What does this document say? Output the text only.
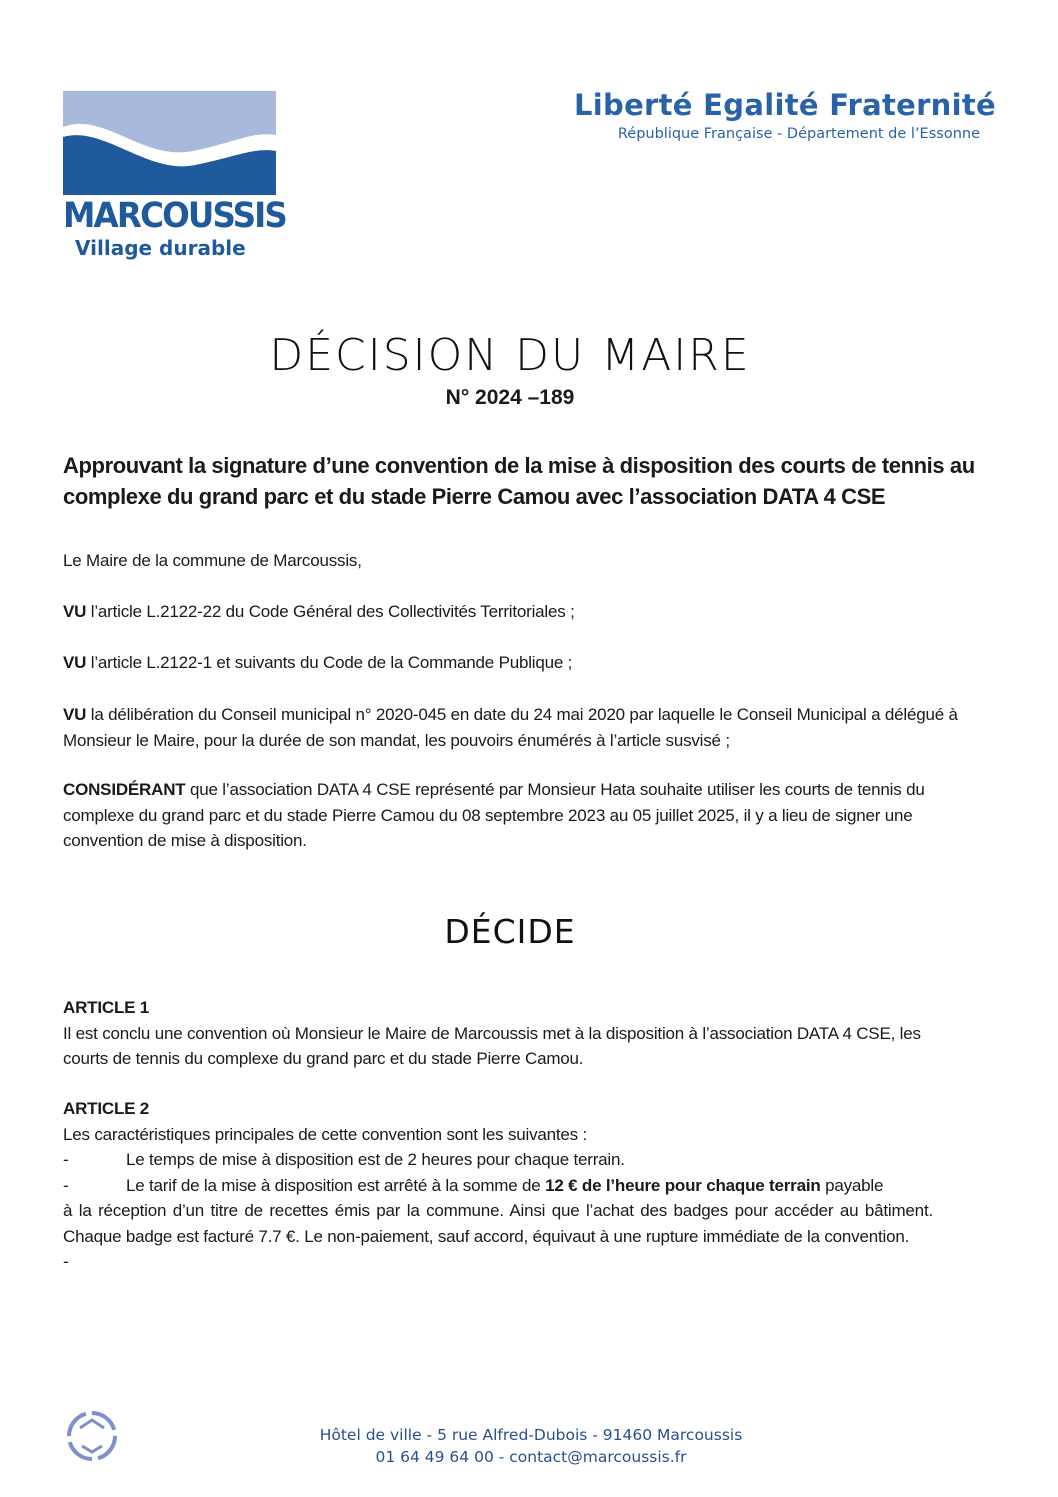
MARCOUSSIS
Village durable
Liberté Egalité Fraternité
République Française - Département de l’Essonne
DÉCISION DU MAIRE
N° 2024 –189
Approuvant la signature d’une convention de la mise à disposition des courts de tennis au complexe du grand parc et du stade Pierre Camou avec l’association DATA 4 CSE
Le Maire de la commune de Marcoussis,
VU l’article L.2122-22 du Code Général des Collectivités Territoriales ;
VU l’article L.2122-1 et suivants du Code de la Commande Publique ;
VU la délibération du Conseil municipal n° 2020-045 en date du 24 mai 2020 par laquelle le Conseil Municipal a délégué à Monsieur le Maire, pour la durée de son mandat, les pouvoirs énumérés à l’article susvisé ;
CONSIDÉRANT que l’association DATA 4 CSE représenté par Monsieur Hata souhaite utiliser les courts de tennis du complexe du grand parc et du stade Pierre Camou du 08 septembre 2023 au 05 juillet 2025, il y a lieu de signer une convention de mise à disposition.
DÉCIDE
ARTICLE 1
Il est conclu une convention où Monsieur le Maire de Marcoussis met à la disposition à l’association DATA 4 CSE, les courts de tennis du complexe du grand parc et du stade Pierre Camou.
ARTICLE 2
Les caractéristiques principales de cette convention sont les suivantes :
-	Le temps de mise à disposition est de 2 heures pour chaque terrain.
-	Le tarif de la mise à disposition est arrêté à la somme de 12 € de l’heure pour chaque terrain payable
à la réception d’un titre de recettes émis par la commune. Ainsi que l’achat des badges pour accéder au bâtiment. Chaque badge est facturé 7.7 €. Le non-paiement, sauf accord, équivaut à une rupture immédiate de la convention.
-
Hôtel de ville - 5 rue Alfred-Dubois - 91460 Marcoussis
01 64 49 64 00 - contact@marcoussis.fr
